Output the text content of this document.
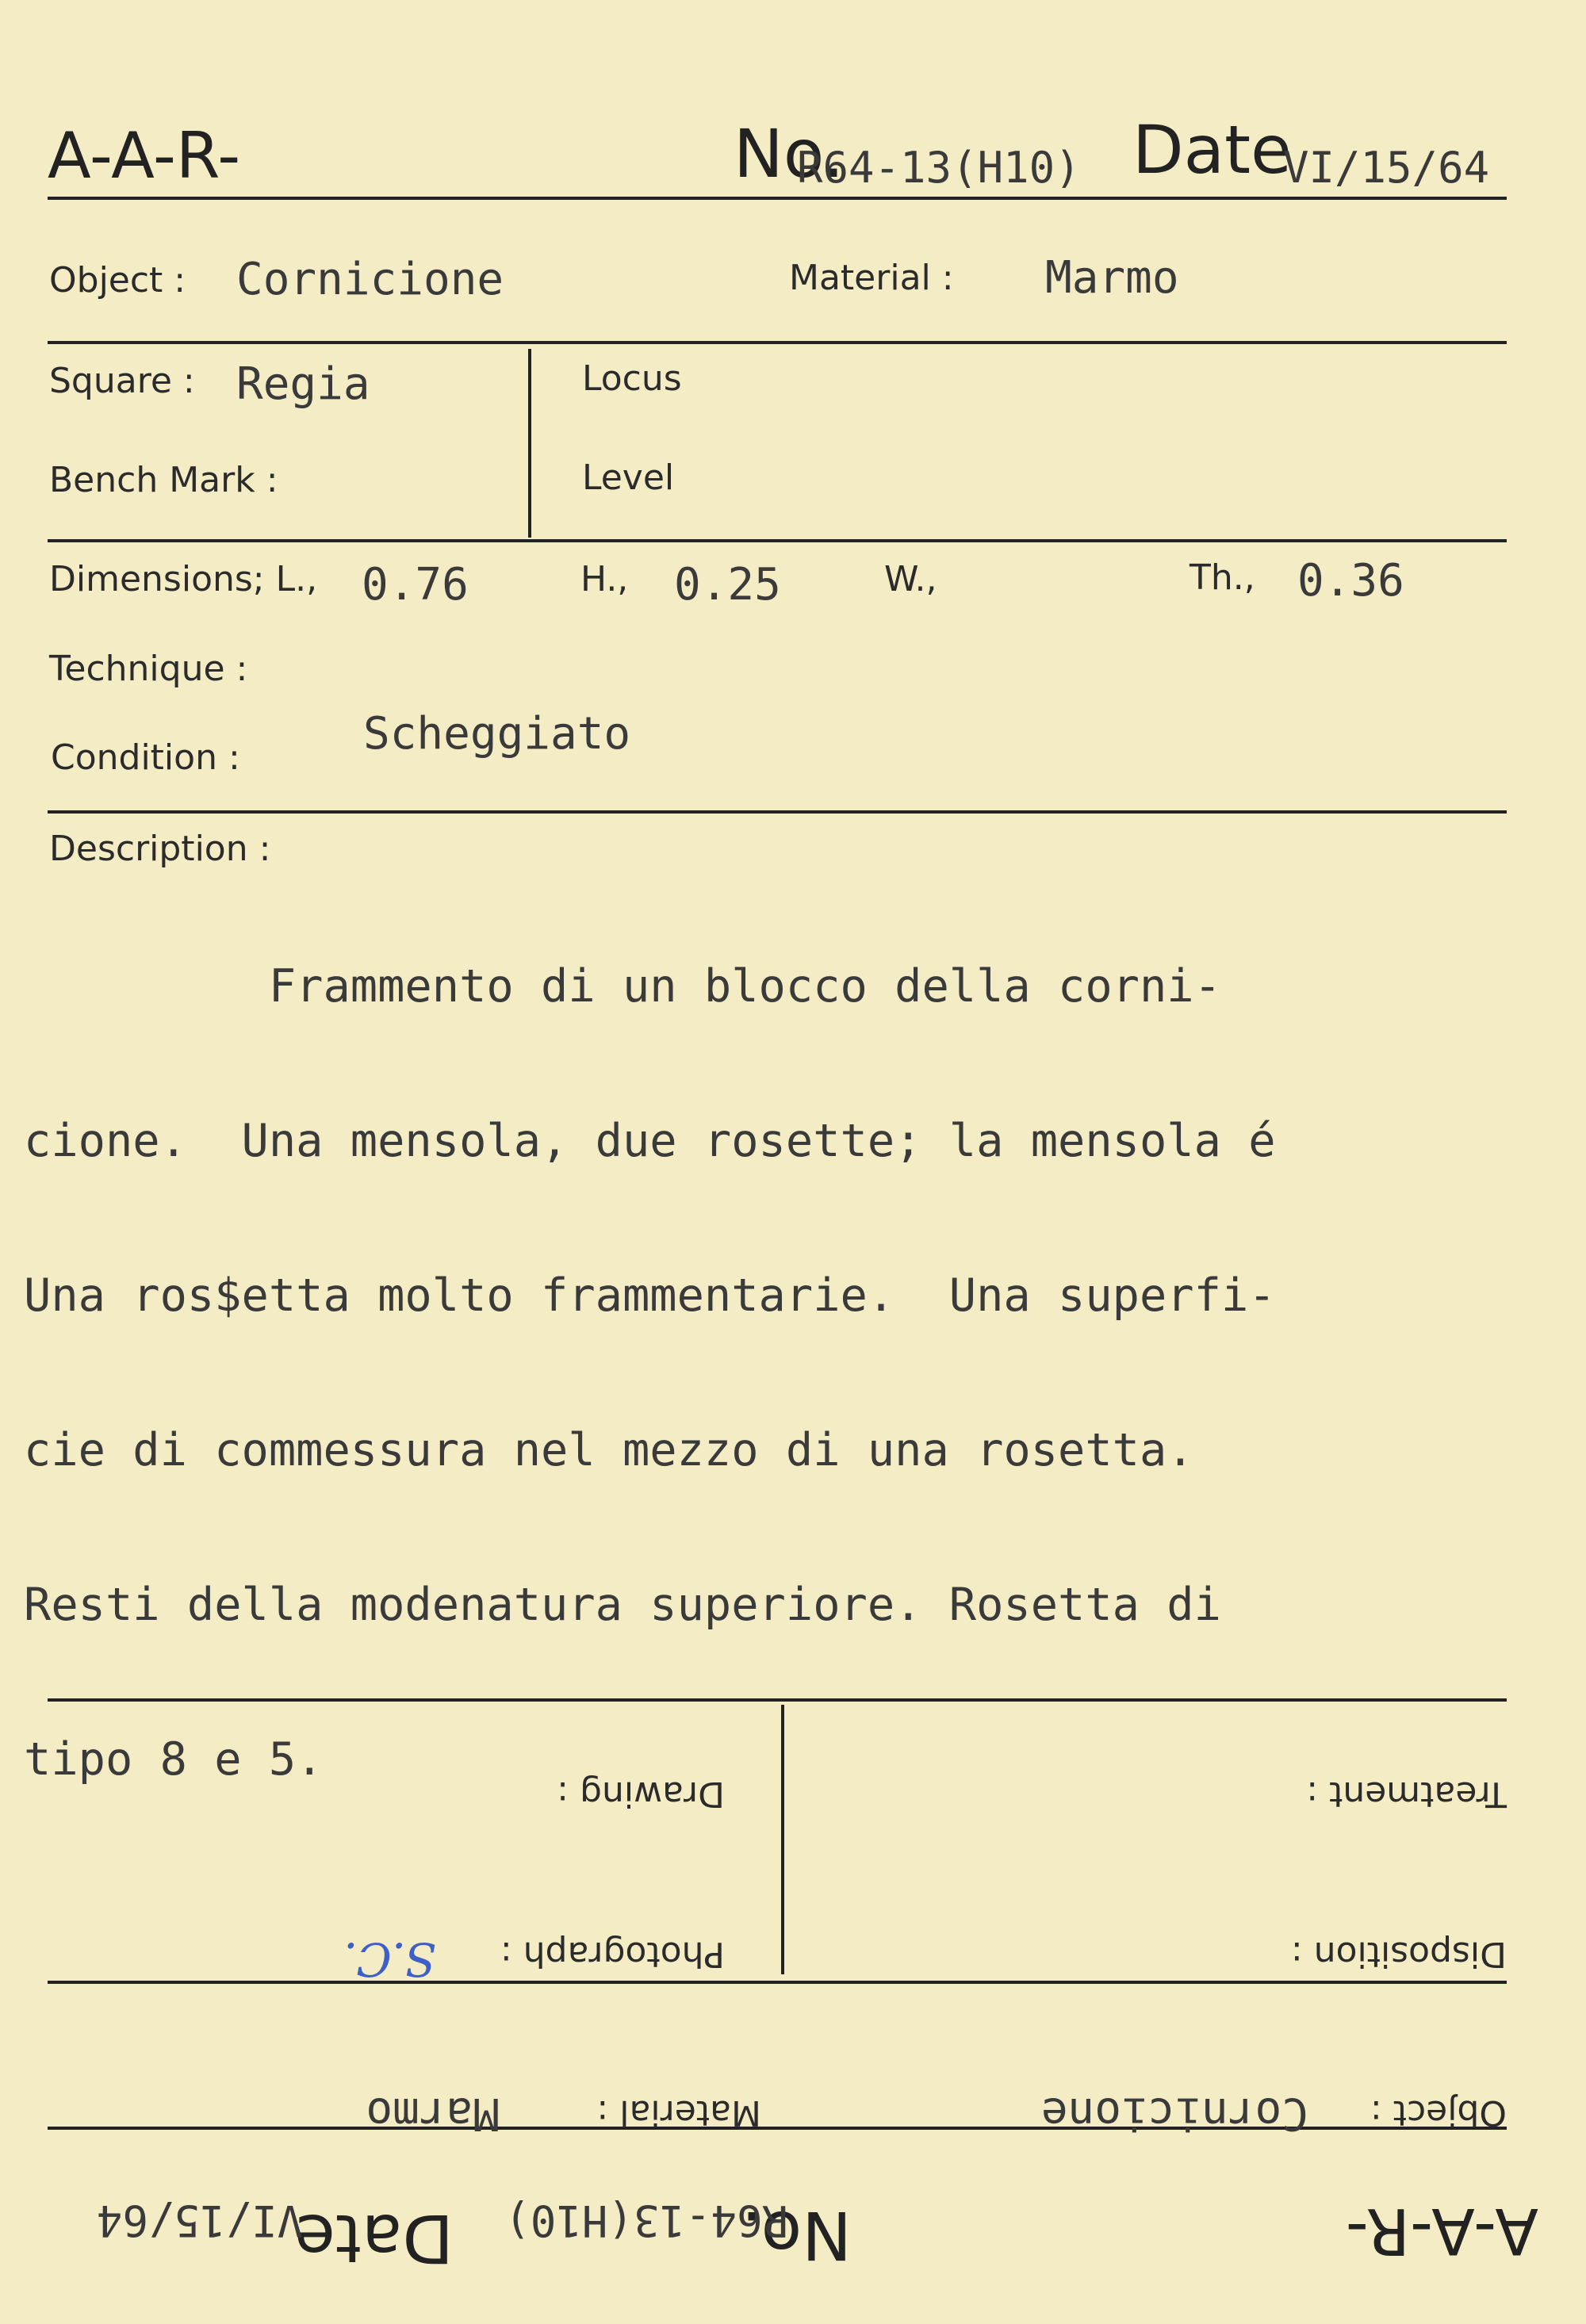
A-A-R-	No.
R64-13(H10) Date
VI/15/64
Object : Cornicione	Material : Marmo
Square : Regia	Locus
Bench Mark :	Level
Dimensions; L., 0.76	H., 0.25	W.,	Th., 0.36
Technique :
Condition :	Scheggiato
Description :

Frammento di un blocco della corni-

cione.  Una mensola, due rosette; la mensola é

Una ros$etta molto frammentarie.  Una superfi-

cie di commessura nel mezzo di una rosetta.

Resti della modenatura superiore. Rosetta di

tipo 8 e 5.

A-A-R-
No.
R64-13(H10)
Date
VI/15/64
Object :
Cornicione
Material :
Marmo
Disposition :
Photograph :
S.C.
Treatment :
Drawing :
